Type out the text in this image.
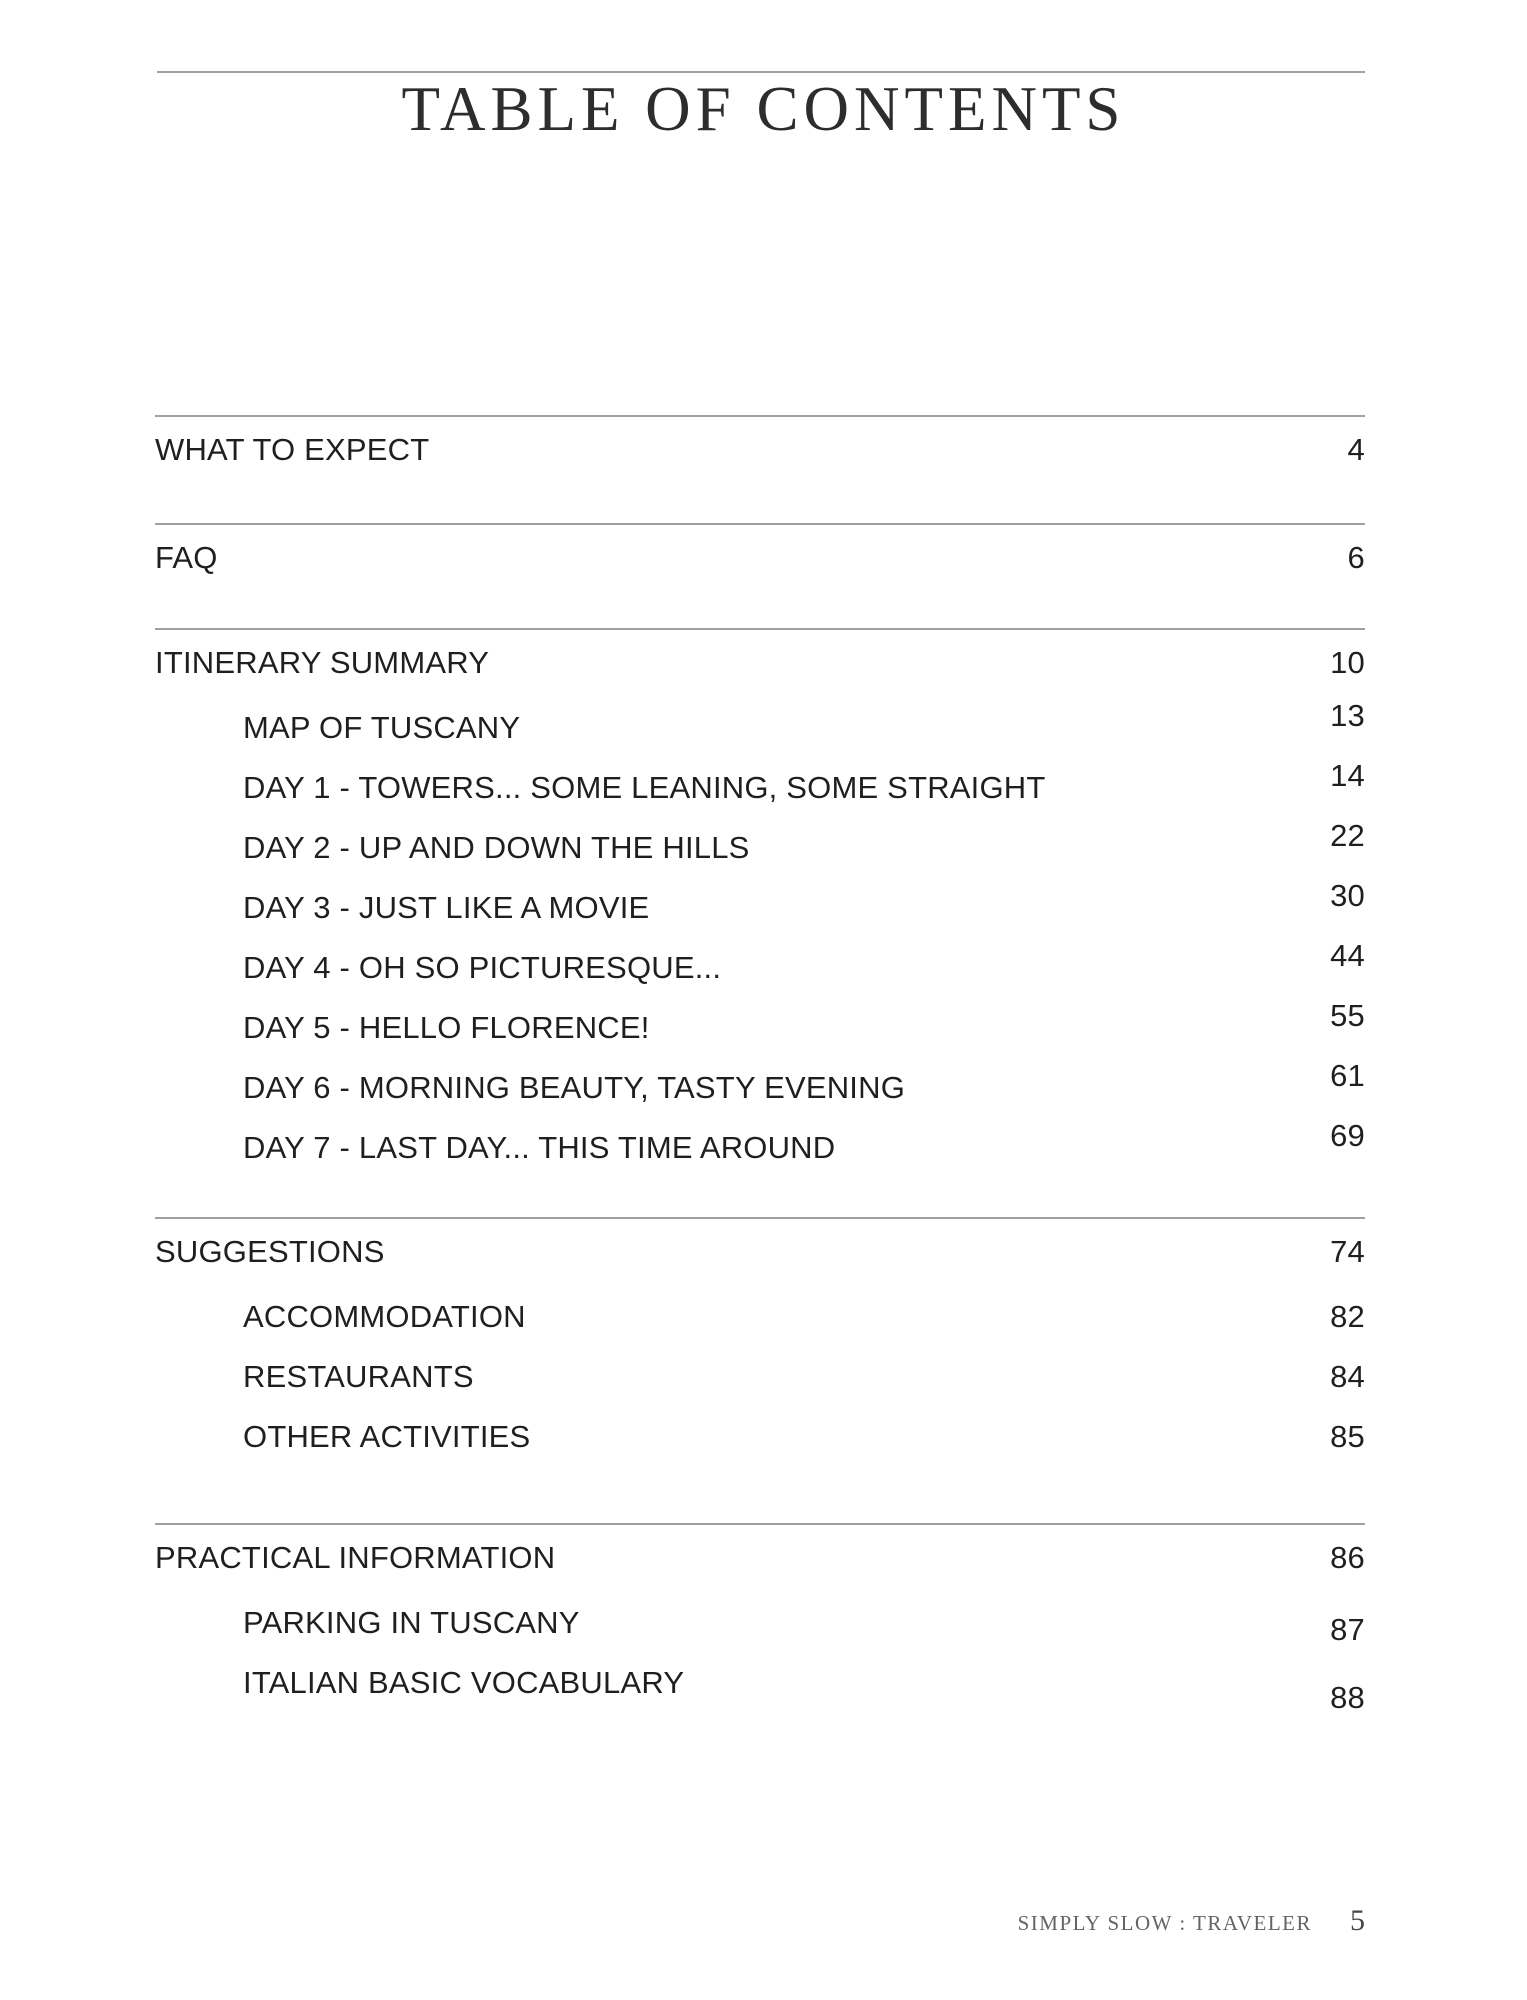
TABLE OF CONTENTS
WHAT TO EXPECT	4
FAQ	6
ITINERARY SUMMARY	10
MAP OF TUSCANY	13
DAY 1 - TOWERS... SOME LEANING, SOME STRAIGHT	14
DAY 2 - UP AND DOWN THE HILLS	22
DAY 3 - JUST LIKE A MOVIE	30
DAY 4 - OH SO PICTURESQUE...	44
DAY 5 - HELLO FLORENCE!	55
DAY 6 - MORNING BEAUTY, TASTY EVENING	61
DAY 7 - LAST DAY... THIS TIME AROUND	69
SUGGESTIONS	74
ACCOMMODATION	82
RESTAURANTS	84
OTHER ACTIVITIES	85
PRACTICAL INFORMATION	86
PARKING IN TUSCANY	87
ITALIAN BASIC VOCABULARY	88
SIMPLY SLOW : TRAVELER 5
